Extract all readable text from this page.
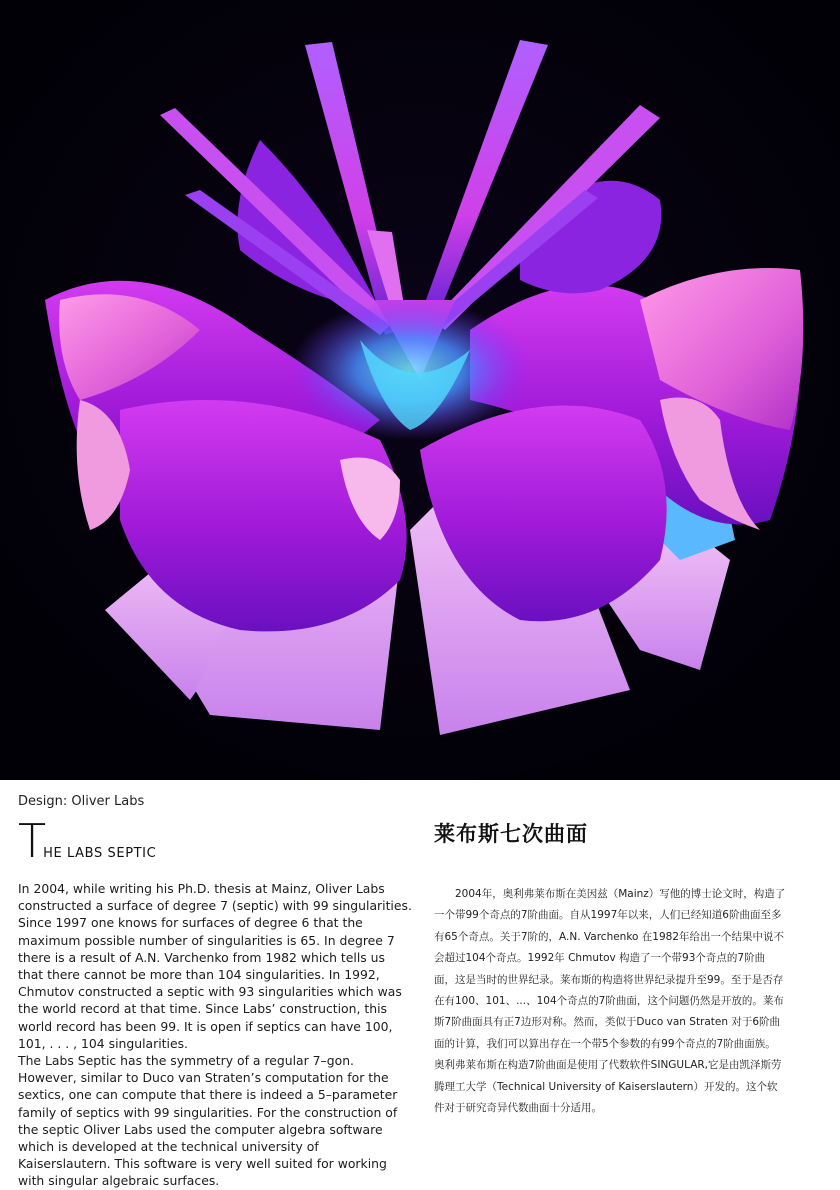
Design: Oliver Labs
THE LABS SEPTIC

In 2004, while writing his Ph.D. thesis at Mainz, Oliver Labs constructed a surface of degree 7 (septic) with 99 singularities. Since 1997 one knows for surfaces of degree 6 that the maximum possible number of singularities is 65. In degree 7 there is a result of A.N. Varchenko from 1982 which tells us that there cannot be more than 104 singularities. In 1992, Chmutov constructed a septic with 93 singularities which was the world record at that time. Since Labs’ construction, this world record has been 99. It is open if septics can have 100, 101, . . . , 104 singularities.

The Labs Septic has the symmetry of a regular 7–gon. However, similar to Duco van Straten’s computation for the sextics, one can compute that there is indeed a 5–parameter family of septics with 99 singularities. For the construction of the septic Oliver Labs used the computer algebra software which is developed at the technical university of Kaiserslautern. This software is very well suited for working with singular algebraic surfaces.

莱布斯七次曲面

2004年，奥利弗莱布斯在美因兹（Mainz）写他的博士论文时，构造了一个带99个奇点的7阶曲面。自从1997年以来，人们已经知道6阶曲面至多有65个奇点。关于7阶的，A.N. Varchenko 在1982年给出一个结果中说不会超过104个奇点。1992年 Chmutov 构造了一个带93个奇点的7阶曲面，这是当时的世界纪录。莱布斯的构造将世界纪录提升至99。至于是否存在有100、101、...、104个奇点的7阶曲面，这个问题仍然是开放的。莱布斯7阶曲面具有正7边形对称。然而，类似于Duco van Straten 对于6阶曲面的计算，我们可以算出存在一个带5个参数的有99个奇点的7阶曲面族。奥利弗莱布斯在构造7阶曲面是使用了代数软件SINGULAR,它是由凯泽斯劳腾理工大学（Technical University of Kaiserslautern）开发的。这个软件对于研究奇异代数曲面十分适用。
